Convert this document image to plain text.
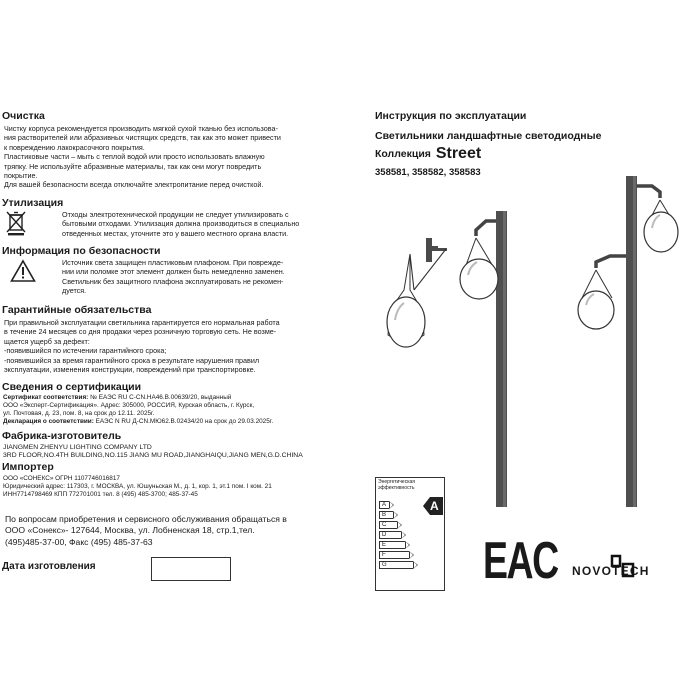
Очистка
Чистку корпуса рекомендуется производить мягкой сухой тканью без использова-
ния растворителей или абразивных чистящих средств, так как это может привести
к повреждению лакокрасочного покрытия.
Пластиковые части – мыть с теплой водой или просто использовать влажную
тряпку. Не используйте абразивные материалы, так как они могут повредить
покрытие.
Для вашей безопасности всегда отключайте электропитание перед очисткой.
Утилизация
Отходы электротехнической продукции не следует утилизировать с
бытовыми отходами. Утилизация должна производиться в специально
отведенных местах, уточните это у вашего местного органа власти.
Информация по безопасности
Источник света защищен пластиковым плафоном. При поврежде-
нии или поломке этот элемент должен быть немедленно заменен.
Светильник без защитного плафона эксплуатировать не рекомен-
дуется.
Гарантийные обязательства
При правильной эксплуатации светильника гарантируется его нормальная работа
в течение 24 месяцев со дня продажи через розничную торговую сеть. Не возме-
щается ущерб за дефект:
-появившийся по истечении гарантийного срока;
-появившийся за время гарантийного срока в результате нарушения правил
эксплуатации, изменения конструкции, повреждений при транспортировке.
Сведения о сертификации
Сертификат соответствия: № ЕАЭС RU С-CN.НА46.В.00639/20, выданный
ООО «Эксперт-Сертификация». Адрес: 305000, РОССИЯ, Курская область, г. Курск,
ул. Почтовая, д. 23, пом. 8, на срок до 12.11. 2025г.
Декларация о соответствии: ЕАЭС N RU Д-CN.МЮ62.В.02434/20 на срок до 29.03.2025г.
Фабрика-изготовитель
JIANGMEN ZHENYU LIGHTING COMPANY LTD
3RD FLOOR,NO.4TH BUILDING,NO.115 JIANG MU ROAD,JIANGHAIQU,JIANG MEN,G.D.CHINA
Импортер
ООО «СОНЕКС» ОГРН 1107746016817
Юридический адрес: 117303, г. МОСКВА, ул. Юшуньская М., д. 1, кор. 1, эт.1 пом. I ком. 21
ИНН7714798469 КПП 772701001 тел. 8 (495) 485-3700; 485-37-45
По вопросам приобретения и сервисного обслуживания обращаться в
ООО «Сонекс»- 127644, Москва, ул. Лобненская 18, стр.1,тел.
(495)485-37-00, Факс (495) 485-37-63
Дата изготовления
Инструкция по эксплуатации
Светильники ландшафтные светодиодные
Коллекция Street
358581, 358582, 358583
Энергетическая
эффективность
A
A
B
C
D
E
F
G	EAC NOVOTECH
